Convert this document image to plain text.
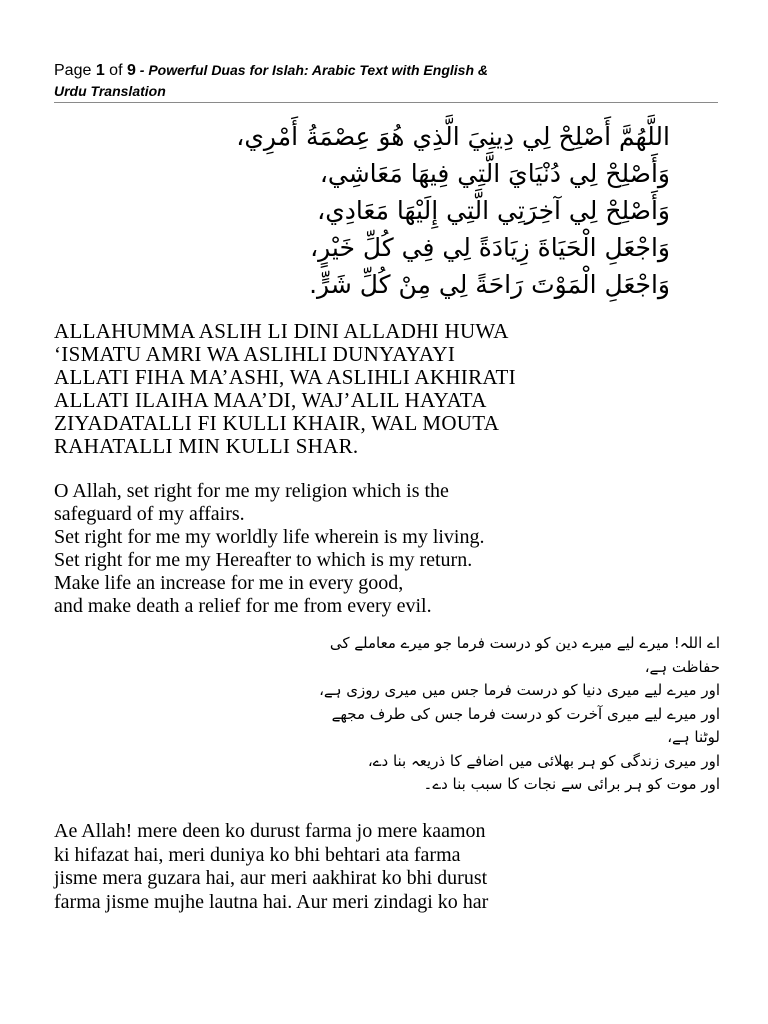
Page 1 of 9 - Powerful Duas for Islah: Arabic Text with English &
Urdu Translation
اللَّهُمَّ أَصْلِحْ لِي دِينِيَ الَّذِي هُوَ عِصْمَةُ أَمْرِي،
وَأَصْلِحْ لِي دُنْيَايَ الَّتِي فِيهَا مَعَاشِي،
وَأَصْلِحْ لِي آخِرَتِي الَّتِي إِلَيْهَا مَعَادِي،
وَاجْعَلِ الْحَيَاةَ زِيَادَةً لِي فِي كُلِّ خَيْرٍ،
وَاجْعَلِ الْمَوْتَ رَاحَةً لِي مِنْ كُلِّ شَرٍّ.
ALLAHUMMA ASLIH LI DINI ALLADHI HUWA
‘ISMATU AMRI WA ASLIHLI DUNYAYAYI
ALLATI FIHA MA’ASHI, WA ASLIHLI AKHIRATI
ALLATI ILAIHA MAA’DI, WAJ’ALIL HAYATA
ZIYADATALLI FI KULLI KHAIR, WAL MOUTA
RAHATALLI MIN KULLI SHAR.
O Allah, set right for me my religion which is the
safeguard of my affairs.
Set right for me my worldly life wherein is my living.
Set right for me my Hereafter to which is my return.
Make life an increase for me in every good,
and make death a relief for me from every evil.
اے اللہ! میرے لیے میرے دین کو درست فرما جو میرے معاملے کی
حفاظت ہے،
اور میرے لیے میری دنیا کو درست فرما جس میں میری روزی ہے،
اور میرے لیے میری آخرت کو درست فرما جس کی طرف مجھے
لوٹنا ہے،
اور میری زندگی کو ہر بھلائی میں اضافے کا ذریعہ بنا دے،
اور موت کو ہر برائی سے نجات کا سبب بنا دے۔
Ae Allah! mere deen ko durust farma jo mere kaamon
ki hifazat hai, meri duniya ko bhi behtari ata farma
jisme mera guzara hai, aur meri aakhirat ko bhi durust
farma jisme mujhe lautna hai. Aur meri zindagi ko har
